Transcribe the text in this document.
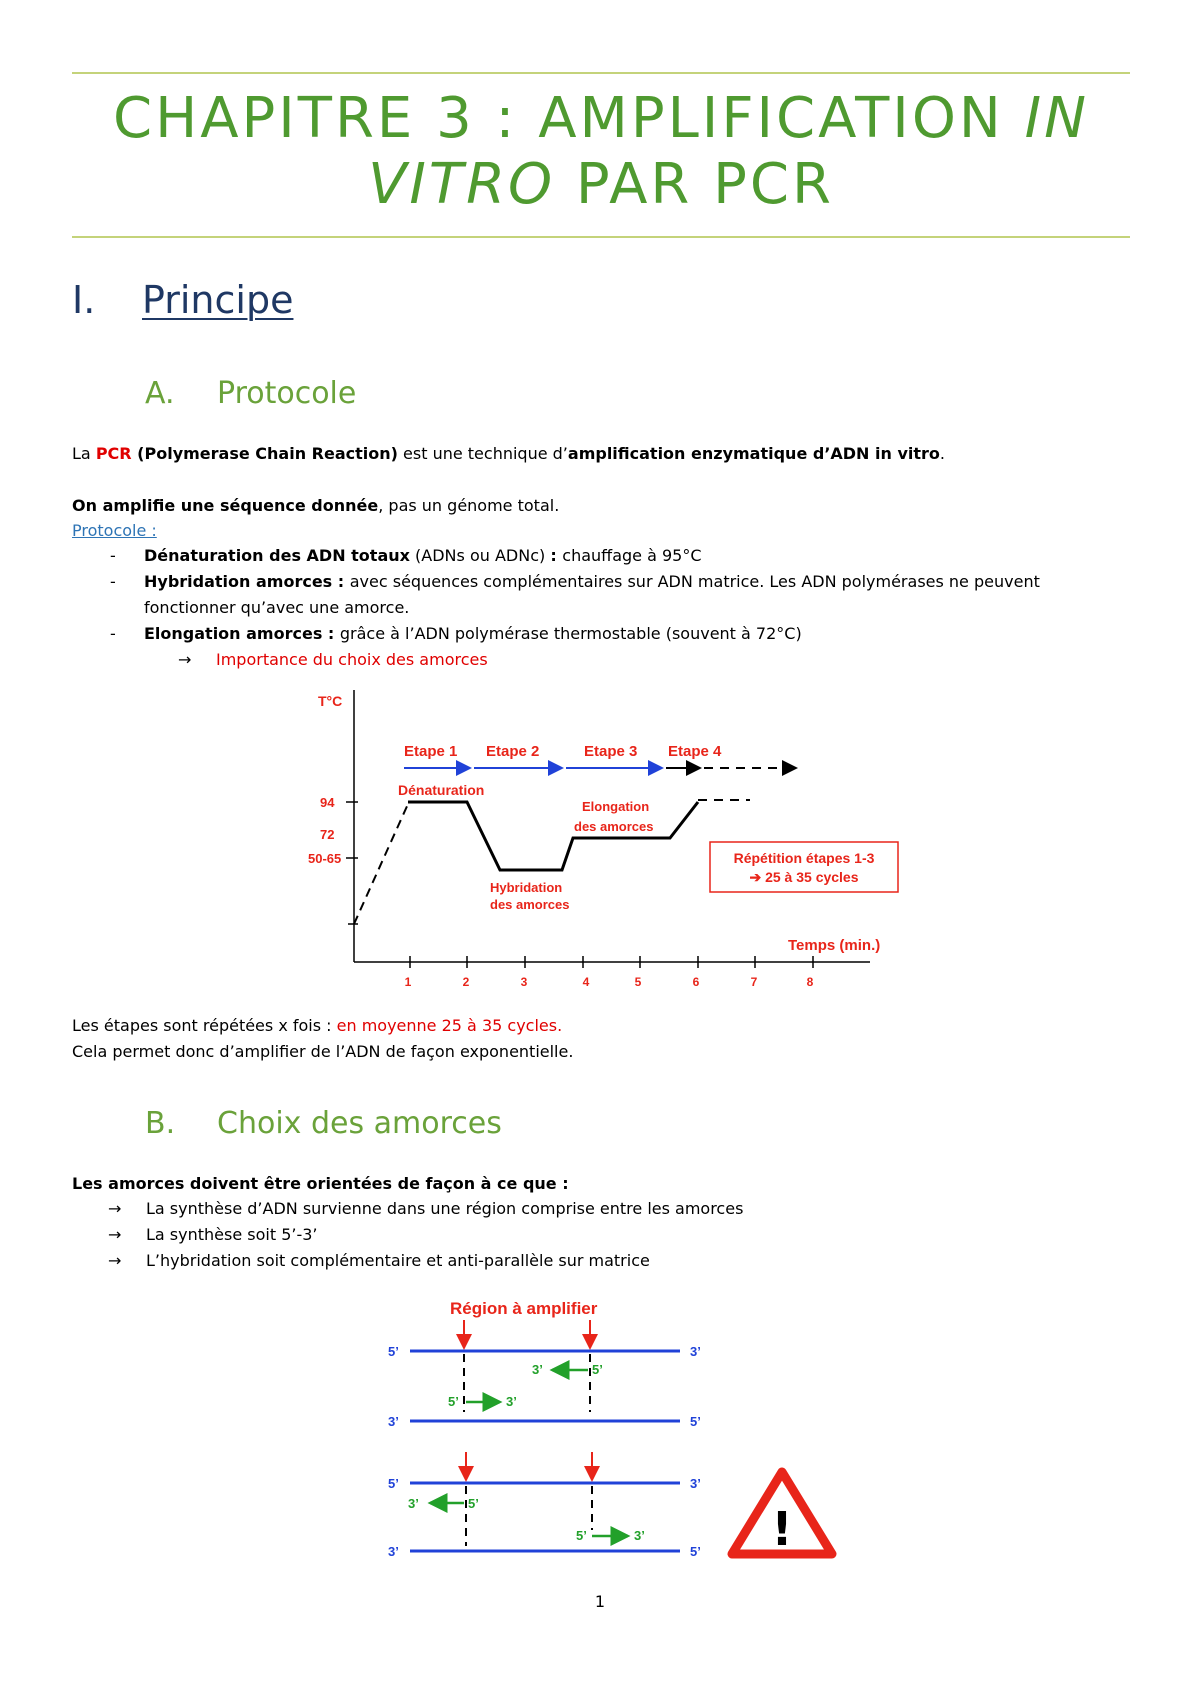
CHAPITRE 3 : AMPLIFICATION IN
VITRO PAR PCR
I. Principe
A. Protocole
La PCR (Polymerase Chain Reaction) est une technique d’amplification enzymatique d’ADN in vitro.
On amplifie une séquence donnée, pas un génome total.
Protocole :
-	Dénaturation des ADN totaux (ADNs ou ADNc) : chauffage à 95°C
-	Hybridation amorces : avec séquences complémentaires sur ADN matrice. Les ADN polymérases ne peuvent
fonctionner qu’avec une amorce.
-	Elongation amorces : grâce à l’ADN polymérase thermostable (souvent à 72°C)
→ Importance du choix des amorces
T°C
Temps (min.)
94
72
50-65
1	2	3	4	5	6	7	8
Etape 1 Etape 2	Etape 3 Etape 4
Dénaturation
Hybridation
des amorces
Elongation
des amorces
Répétition étapes 1-3
➔ 25 à 35 cycles
Les étapes sont répétées x fois : en moyenne 25 à 35 cycles.
Cela permet donc d’amplifier de l’ADN de façon exponentielle.
B. Choix des amorces
Les amorces doivent être orientées de façon à ce que :
→ La synthèse d’ADN survienne dans une région comprise entre les amorces
→ La synthèse soit 5’-3’
→ L’hybridation soit complémentaire et anti-parallèle sur matrice
Région à amplifier
5’	3’
3’	5’
5’	3’
3’	5’
5’	3’
3’	5’
5’	3’
3’	5’ !
1
